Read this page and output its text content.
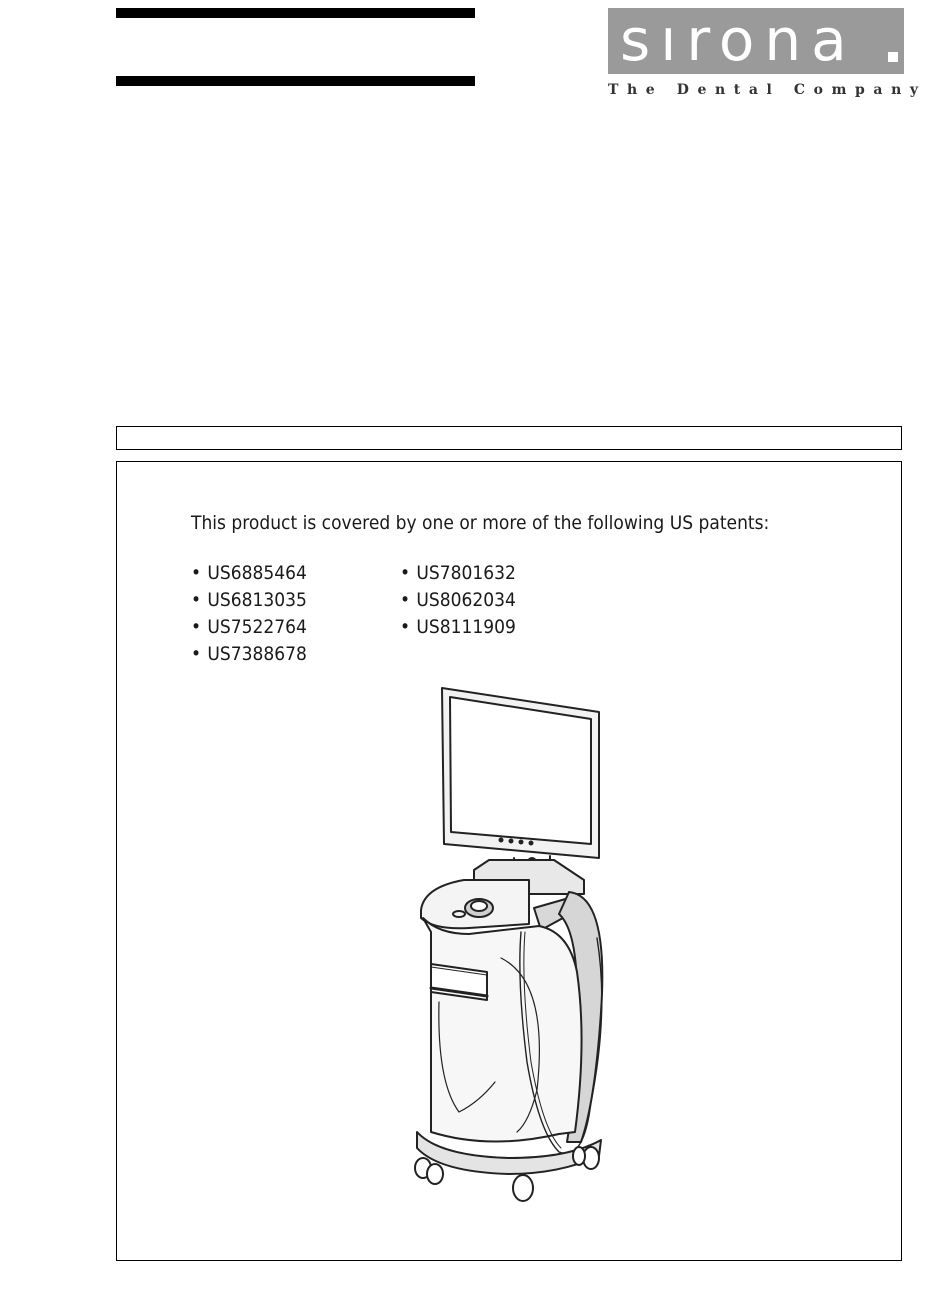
sırona
The Dental Company

This product is covered by one or more of the following US patents:

• US6885464
• US6813035
• US7522764
• US7388678
• US7801632
• US8062034
• US8111909
